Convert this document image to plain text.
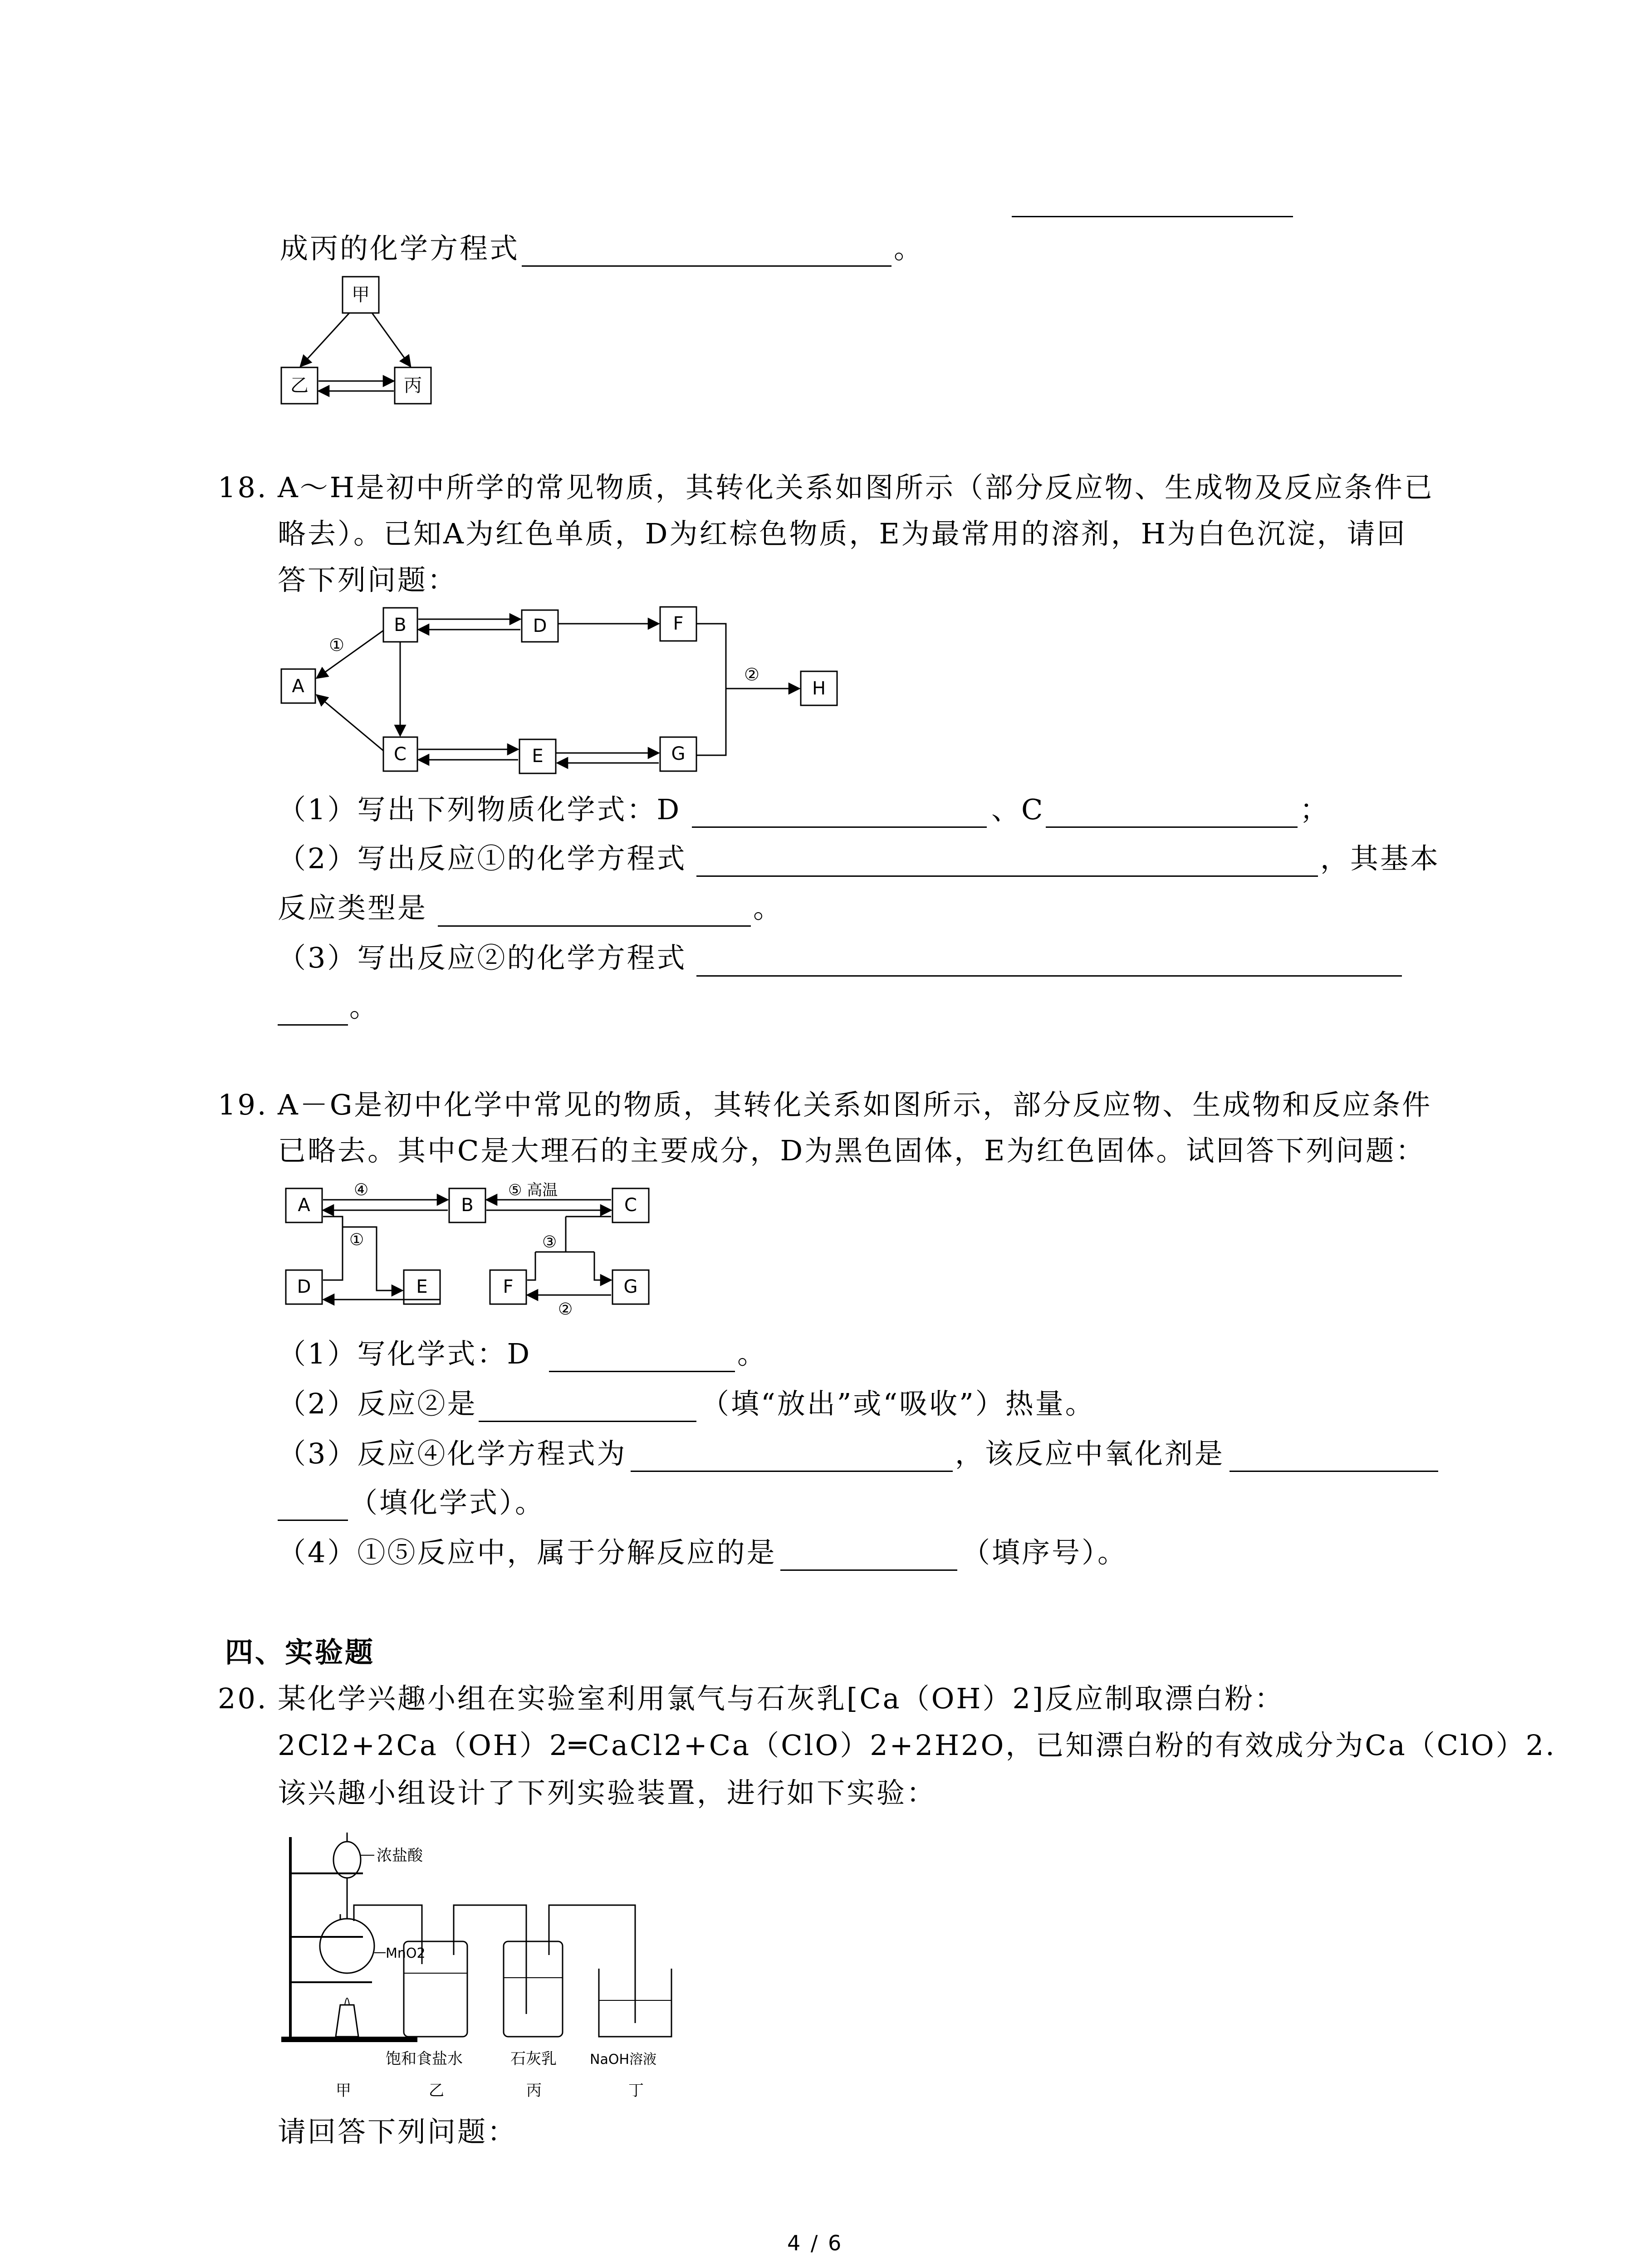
成丙的化学方程式	。
甲
乙	丙
18. A～H是初中所学的常见物质，其转化关系如图所示（部分反应物、生成物及反应条件已
略去）。已知A为红色单质，D为红棕色物质，E为最常用的溶剂，H为白色沉淀，请回
答下列问题：
A
B
C
D
E
F
G
H
①
②
（1）写出下列物质化学式：D	、C	；
（2）写出反应①的化学方程式	，其基本
反应类型是	。
（3）写出反应②的化学方程式
。
19. A－G是初中化学中常见的物质，其转化关系如图所示，部分反应物、生成物和反应条件
已略去。其中C是大理石的主要成分，D为黑色固体，E为红色固体。试回答下列问题：
A	B	C
D	E	F	G
④	⑤ 高温
①	③
②
（1）写化学式：D	。
（2）反应②是	（填“放出”或“吸收”）热量。
（3）反应④化学方程式为	，该反应中氧化剂是
（填化学式）。
（4）①⑤反应中，属于分解反应的是	（填序号）。
四、实验题
20. 某化学兴趣小组在实验室利用氯气与石灰乳[Ca（OH）2]反应制取漂白粉：
2Cl2+2Ca（OH）2═CaCl2+Ca（ClO）2+2H2O，已知漂白粉的有效成分为Ca（ClO）2.
该兴趣小组设计了下列实验装置，进行如下实验：
浓盐酸
MnO2
饱和食盐水
乙
石灰乳
丙
NaOH溶液
丁
甲
请回答下列问题：
4 / 6
